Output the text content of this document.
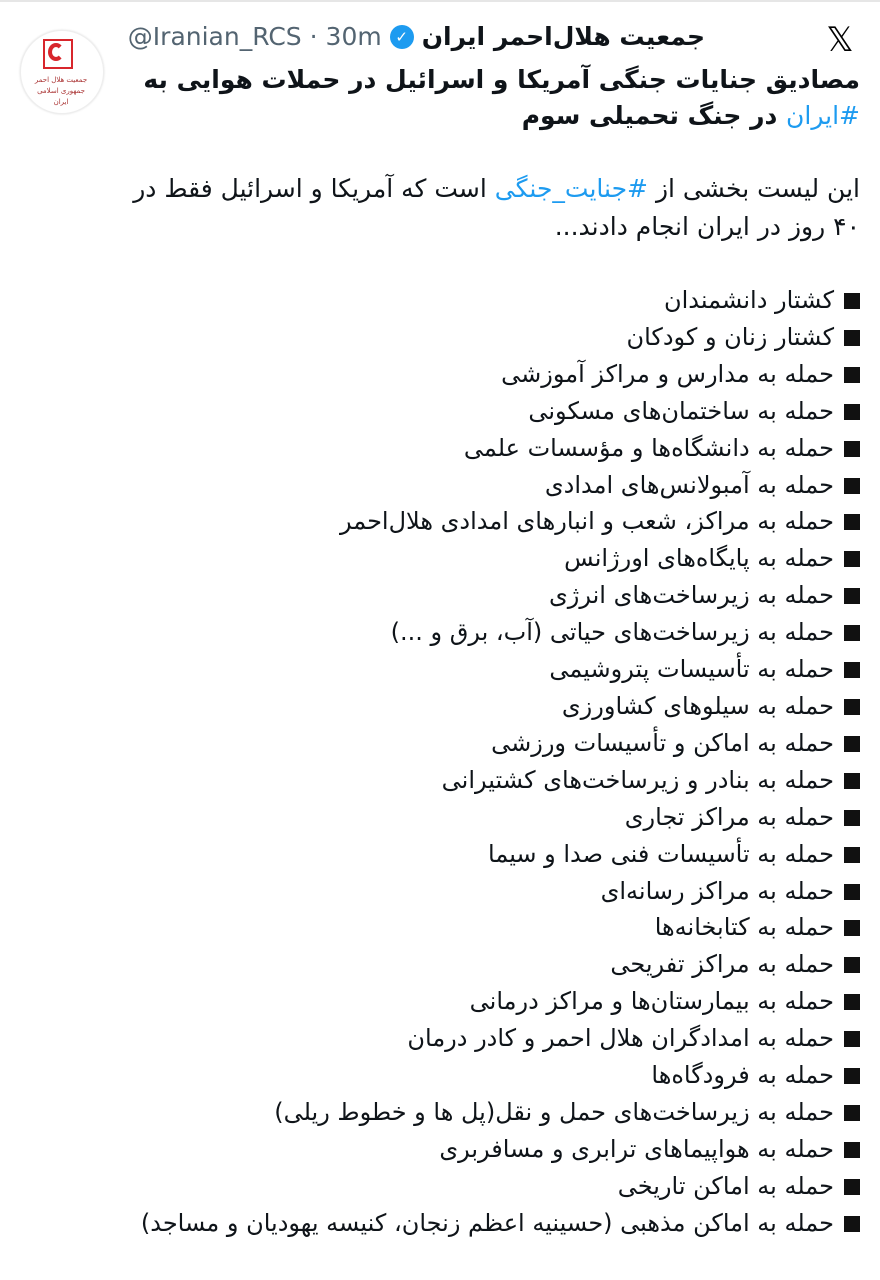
جمعیت هلال احمر
جمهوری اسلامی ایران
𝕏
جمعیت هلال‌احمر ایران
✓
@Iranian_RCS · 30m
مصادیق جنایات جنگی آمریکا و اسرائیل در حملات هوایی به #ایران در جنگ تحمیلی سوم
این لیست بخشی از #جنایت_جنگی است که آمریکا و اسرائیل فقط در ۴۰ روز در ایران انجام دادند...
کشتار دانشمندان
کشتار زنان و کودکان
حمله به مدارس و مراکز آموزشی
حمله به ساختمان‌های مسکونی
حمله به دانشگاه‌ها و مؤسسات علمی
حمله به آمبولانس‌های امدادی
حمله به مراکز، شعب و انبارهای امدادی هلال‌احمر
حمله به پایگاه‌های اورژانس
حمله به زیرساخت‌های انرژی
حمله به زیرساخت‌های حیاتی (آب، برق و ...)
حمله به تأسیسات پتروشیمی
حمله به سیلوهای کشاورزی
حمله به اماکن و تأسیسات ورزشی
حمله به بنادر و زیرساخت‌های کشتیرانی
حمله به مراکز تجاری
حمله به تأسیسات فنی صدا و سیما
حمله به مراکز رسانه‌ای
حمله به کتابخانه‌ها
حمله به مراکز تفریحی
حمله به بیمارستان‌ها و مراکز درمانی
حمله به امدادگران هلال احمر و کادر درمان
حمله به فرودگاه‌ها
حمله به زیرساخت‌های حمل و نقل(پل ها و خطوط ریلی)
حمله به هواپیماهای ترابری و مسافربری
حمله به اماکن تاریخی
حمله به اماکن مذهبی (حسینیه اعظم زنجان، کنیسه یهودیان و مساجد)
